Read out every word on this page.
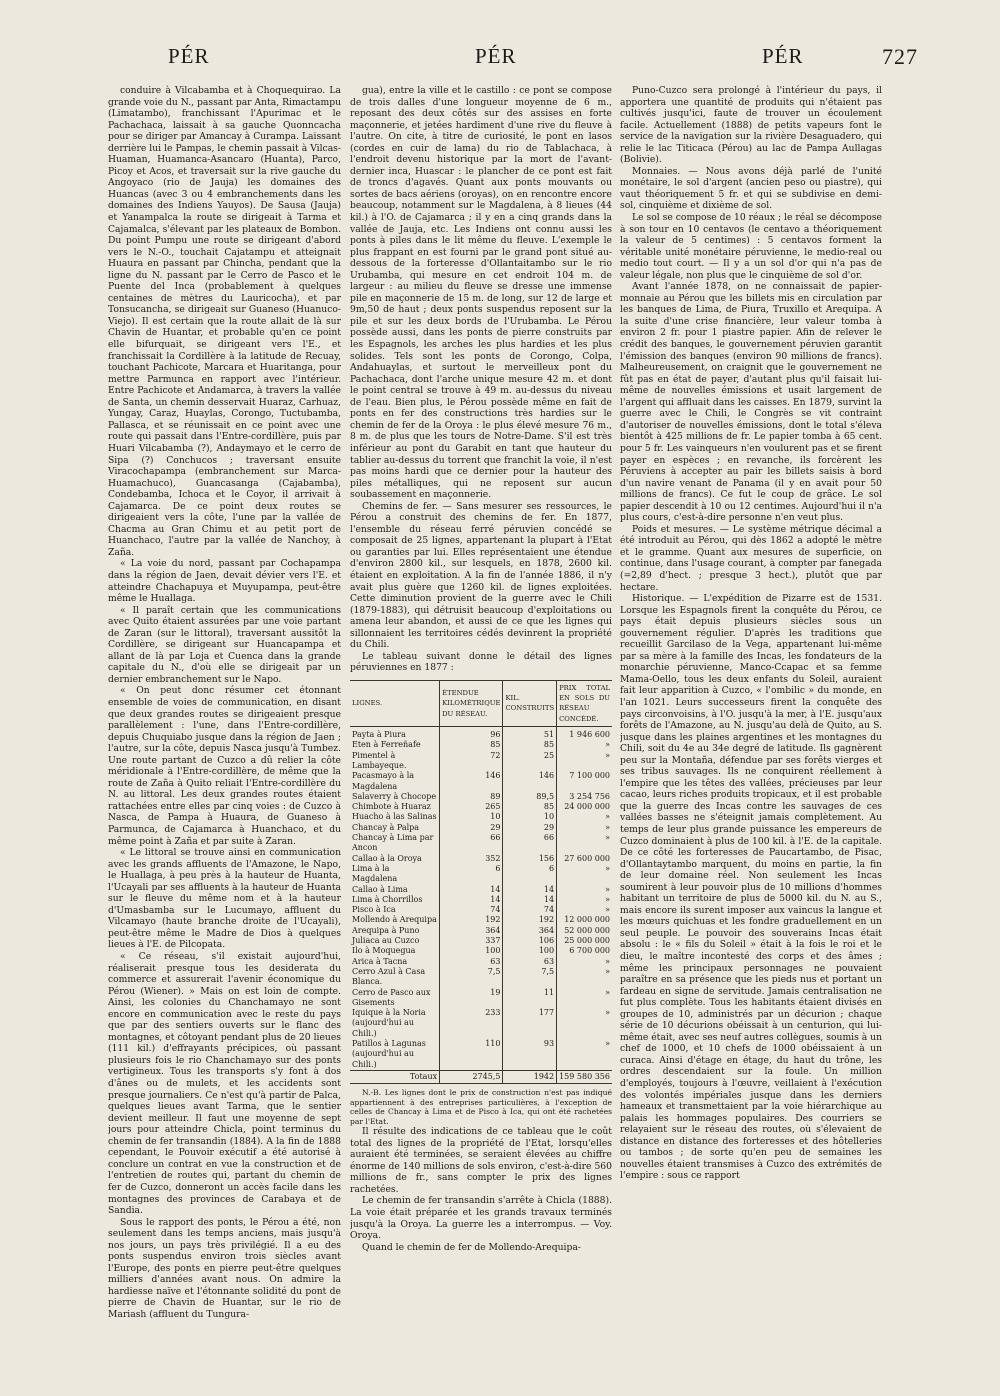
PÉR	PÉR	PÉR	727

conduire à Vilcabamba et à Choquequirao. La grande voie du N., passant par Anta, Rimactampu (Limatambo), franchissant l'Apurimac et le Pachachaca, laissait à sa gauche Quonncacha pour se diriger par Amancay à Curampa. Laissant derrière lui le Pampas, le chemin passait à Vilcas-Huaman, Huamanca-Asancaro (Huanta), Parco, Picoy et Acos, et traversait sur la rive gauche du Angoyaco (rio de Jauja) les domaines des Huancas (avec 3 ou 4 embranchements dans les domaines des Indiens Yauyos). De Sausa (Jauja) et Yanampalca la route se dirigeait à Tarma et Cajamalca, s'élevant par les plateaux de Bombon. Du point Pumpu une route se dirigeant d'abord vers le N.-O., touchait Cajatampu et atteignait Huaura en passant par Chincha, pendant que la ligne du N. passant par le Cerro de Pasco et le Puente del Inca (probablement à quelques centaines de mètres du Lauricocha), et par Tonsucancha, se dirigeait sur Guaneso (Huanuco-Viejo). Il est certain que la route allait de là sur Chavin de Huantar, et probable qu'en ce point elle bifurquait, se dirigeant vers l'E., et franchissait la Cordillère à la latitude de Recuay, touchant Pachicote, Marcara et Huaritanga, pour mettre Parmunca en rapport avec l'intérieur. Entre Pachicote et Andamarca, à travers la vallée de Santa, un chemin desservait Huaraz, Carhuaz, Yungay, Caraz, Huaylas, Corongo, Tuctubamba, Pallasca, et se réunissait en ce point avec une route qui passait dans l'Entre-cordillère, puis par Huari Vilcabamba (?), Andaymayo et le cerro de Sipa (?) Conchucos ; traversant ensuite Viracochapampa (embranchement sur Marca-Huamachuco), Guancasanga (Cajabamba), Condebamba, Ichoca et le Coyor, il arrivait à Cajamarca. De ce point deux routes se dirigeaient vers la côte, l'une par la vallée de Chacma au Gran Chimu et au petit port de Huanchaco, l'autre par la vallée de Nanchoy, à Zaña.

« La voie du nord, passant par Cochapampa dans la région de Jaen, devait dévier vers l'E. et atteindre Chachapuya et Muyupampa, peut-être même le Huallaga.

« Il paraît certain que les communications avec Quito étaient assurées par une voie partant de Zaran (sur le littoral), traversant aussitôt la Cordillère, se dirigeant sur Huancapampa et allant de là par Loja et Cuenca dans la grande capitale du N., d'où elle se dirigeait par un dernier embranchement sur le Napo.

« On peut donc résumer cet étonnant ensemble de voies de communication, en disant que deux grandes routes se dirigeaient presque parallèlement : l'une, dans l'Entre-cordillère, depuis Chuquiabo jusque dans la région de Jaen ; l'autre, sur la côte, depuis Nasca jusqu'à Tumbez. Une route partant de Cuzco a dû relier la côte méridionale à l'Entre-cordillère, de même que la route de Zaña à Quito reliait l'Entre-cordillère du N. au littoral. Les deux grandes routes étaient rattachées entre elles par cinq voies : de Cuzco à Nasca, de Pampa à Huaura, de Guaneso à Parmunca, de Cajamarca à Huanchaco, et du même point à Zaña et par suite à Zaran.

« Le littoral se trouve ainsi en communication avec les grands affluents de l'Amazone, le Napo, le Huallaga, à peu près à la hauteur de Huanta, l'Ucayali par ses affluents à la hauteur de Huanta sur le fleuve du même nom et à la hauteur d'Umasbamba sur le Lucumayo, affluent du Vilcamayo (haute branche droite de l'Ucayali), peut-être même le Madre de Dios à quelques lieues à l'E. de Pilcopata.

« Ce réseau, s'il existait aujourd'hui, réaliserait presque tous les desiderata du commerce et assurerait l'avenir économique du Pérou (Wiener). » Mais on est loin de compte. Ainsi, les colonies du Chanchamayo ne sont encore en communication avec le reste du pays que par des sentiers ouverts sur le flanc des montagnes, et côtoyant pendant plus de 20 lieues (111 kil.) d'effrayants précipices, où passant plusieurs fois le rio Chanchamayo sur des ponts vertigineux. Tous les transports s'y font à dos d'ânes ou de mulets, et les accidents sont presque journaliers. Ce n'est qu'à partir de Palca, quelques lieues avant Tarma, que le sentier devient meilleur. Il faut une moyenne de sept jours pour atteindre Chicla, point terminus du chemin de fer transandin (1884). A la fin de 1888 cependant, le Pouvoir exécutif a été autorisé à conclure un contrat en vue la construction et de l'entretien de routes qui, partant du chemin de fer de Cuzco, donneront un accès facile dans les montagnes des provinces de Carabaya et de Sandia.

Sous le rapport des ponts, le Pérou a été, non seulement dans les temps anciens, mais jusqu'à nos jours, un pays très privilégié. Il a eu des ponts suspendus environ trois siècles avant l'Europe, des ponts en pierre peut-être quelques milliers d'années avant nous. On admire la hardiesse naïve et l'étonnante solidité du pont de pierre de Chavin de Huantar, sur le rio de Mariash (affluent du Tungura-

gua), entre la ville et le castillo : ce pont se compose de trois dalles d'une longueur moyenne de 6 m., reposant des deux côtés sur des assises en forte maçonnerie, et jetées hardiment d'une rive du fleuve à l'autre. On cite, à titre de curiosité, le pont en lasos (cordes en cuir de lama) du rio de Tablachaca, à l'endroit devenu historique par la mort de l'avant-dernier inca, Huascar : le plancher de ce pont est fait de troncs d'agavés. Quant aux ponts mouvants ou sortes de bacs aériens (oroyas), on en rencontre encore beaucoup, notamment sur le Magdalena, à 8 lieues (44 kil.) à l'O. de Cajamarca ; il y en a cinq grands dans la vallée de Jauja, etc. Les Indiens ont connu aussi les ponts à piles dans le lit même du fleuve. L'exemple le plus frappant en est fourni par le grand pont situé au-dessous de la forteresse d'Ollantaitambo sur le rio Urubamba, qui mesure en cet endroit 104 m. de largeur : au milieu du fleuve se dresse une immense pile en maçonnerie de 15 m. de long, sur 12 de large et 9m,50 de haut ; deux ponts suspendus reposent sur la pile et sur les deux bords de l'Urubamba. Le Pérou possède aussi, dans les ponts de pierre construits par les Espagnols, les arches les plus hardies et les plus solides. Tels sont les ponts de Corongo, Colpa, Andahuaylas, et surtout le merveilleux pont du Pachachaca, dont l'arche unique mesure 42 m. et dont le point central se trouve à 49 m. au-dessus du niveau de l'eau. Bien plus, le Pérou possède même en fait de ponts en fer des constructions très hardies sur le chemin de fer de la Oroya : le plus élevé mesure 76 m., 8 m. de plus que les tours de Notre-Dame. S'il est très inférieur au pont du Garabit en tant que hauteur du tablier au-dessus du torrent que franchit la voie, il n'est pas moins hardi que ce dernier pour la hauteur des piles métalliques, qui ne reposent sur aucun soubassement en maçonnerie.

Chemins de fer. — Sans mesurer ses ressources, le Pérou a construit des chemins de fer. En 1877, l'ensemble du réseau ferré péruvien concédé se composait de 25 lignes, appartenant la plupart à l'Etat ou garanties par lui. Elles représentaient une étendue d'environ 2800 kil., sur lesquels, en 1878, 2600 kil. étaient en exploitation. A la fin de l'année 1886, il n'y avait plus guère que 1260 kil. de lignes exploitées. Cette diminution provient de la guerre avec le Chili (1879-1883), qui détruisit beaucoup d'exploitations ou amena leur abandon, et aussi de ce que les lignes qui sillonnaient les territoires cédés devinrent la propriété du Chili.

Le tableau suivant donne le détail des lignes péruviennes en 1877 :

LIGNES.	ÉTENDUE KILOMÉTRIQUE DU RÉSEAU.	KIL. CONSTRUITS	PRIX TOTAL EN SOLS DU RÉSEAU CONCÉDÉ.
Payta à Piura	96	51	1 946 600
Eten à Ferreñafe	85	85	»
Pimentel à Lambayeque.	72	25	»
Pacasmayo à la Magdalena	146	146	7 100 000
Salaverry à Chocope	89	89,5	3 254 756
Chimbote à Huaraz	265	85	24 000 000
Huacho à las Salinas	10	10	»
Chancay à Palpa	29	29	»
Chancay à Lima par Ancon	66	66	»
Callao à la Oroya	352	156	27 600 000
Lima à la Magdalena	6	6	»
Callao à Lima	14	14	»
Lima à Chorrillos	14	14	»
Pisco à Ica	74	74	»
Mollendo à Arequipa	192	192	12 000 000
Arequipa à Puno	364	364	52 000 000
Juliaca au Cuzco	337	106	25 000 000
Ilo à Moquegua	100	100	6 700 000
Arica à Tacna	63	63	»
Cerro Azul à Casa Blanca.	7,5	7,5	»
Cerro de Pasco aux Gisements	19	11	»
Iquique à la Noria (aujourd'hui au Chili.)	233	177	»
Patillos à Lagunas (aujourd'hui au Chili.)	110	93	»
Totaux	2745,5	1942	159 580 356

N.-B. Les lignes dont le prix de construction n'est pas indiqué appartiennent à des entreprises particulières, à l'exception de celles de Chancay à Lima et de Pisco à Ica, qui ont été rachetées par l'Etat.

Il résulte des indications de ce tableau que le coût total des lignes de la propriété de l'Etat, lorsqu'elles auraient été terminées, se seraient élevées au chiffre énorme de 140 millions de sols environ, c'est-à-dire 560 millions de fr., sans compter le prix des lignes rachetées.

Le chemin de fer transandin s'arrête à Chicla (1888). La voie était préparée et les grands travaux terminés jusqu'à la Oroya. La guerre les a interrompus. — Voy. Oroya.

Quand le chemin de fer de Mollendo-Arequipa-

Puno-Cuzco sera prolongé à l'intérieur du pays, il apportera une quantité de produits qui n'étaient pas cultivés jusqu'ici, faute de trouver un écoulement facile. Actuellement (1888) de petits vapeurs font le service de la navigation sur la rivière Desaguadero, qui relie le lac Titicaca (Pérou) au lac de Pampa Aullagas (Bolivie).

Monnaies. — Nous avons déjà parlé de l'unité monétaire, le sol d'argent (ancien peso ou piastre), qui vaut théoriquement 5 fr. et qui se subdivise en demi-sol, cinquième et dixième de sol.

Le sol se compose de 10 réaux ; le réal se décompose à son tour en 10 centavos (le centavo a théoriquement la valeur de 5 centimes) : 5 centavos forment la véritable unité monétaire péruvienne, le medio-real ou medio tout court. — Il y a un sol d'or qui n'a pas de valeur légale, non plus que le cinquième de sol d'or.

Avant l'année 1878, on ne connaissait de papier-monnaie au Pérou que les billets mis en circulation par les banques de Lima, de Piura, Truxillo et Arequipa. A la suite d'une crise financière, leur valeur tomba à environ 2 fr. pour 1 piastre papier. Afin de relever le crédit des banques, le gouvernement péruvien garantit l'émission des banques (environ 90 millions de francs). Malheureusement, on craignit que le gouvernement ne fût pas en état de payer, d'autant plus qu'il faisait lui-même de nouvelles émissions et usait largement de l'argent qui affluait dans les caisses. En 1879, survint la guerre avec le Chili, le Congrès se vit contraint d'autoriser de nouvelles émissions, dont le total s'éleva bientôt à 425 millions de fr. Le papier tomba à 65 cent. pour 5 fr. Les vainqueurs n'en voulurent pas et se firent payer en espèces ; en revanche, ils forcèrent les Péruviens à accepter au pair les billets saisis à bord d'un navire venant de Panama (il y en avait pour 50 millions de francs). Ce fut le coup de grâce. Le sol papier descendit à 10 ou 12 centimes. Aujourd'hui il n'a plus cours, c'est-à-dire personne n'en veut plus.

Poids et mesures. — Le système métrique décimal a été introduit au Pérou, qui dès 1862 a adopté le mètre et le gramme. Quant aux mesures de superficie, on continue, dans l'usage courant, à compter par fanegada (=2,89 d'hect. ; presque 3 hect.), plutôt que par hectare.

Historique. — L'expédition de Pizarre est de 1531. Lorsque les Espagnols firent la conquête du Pérou, ce pays était depuis plusieurs siècles sous un gouvernement régulier. D'après les traditions que recueillit Garcilaso de la Vega, appartenant lui-même par sa mère à la famille des Incas, les fondateurs de la monarchie péruvienne, Manco-Ccapac et sa femme Mama-Oello, tous les deux enfants du Soleil, auraient fait leur apparition à Cuzco, « l'ombilic » du monde, en l'an 1021. Leurs successeurs firent la conquête des pays circonvoisins, à l'O. jusqu'à la mer, à l'E. jusqu'aux forêts de l'Amazone, au N. jusqu'au delà de Quito, au S. jusque dans les plaines argentines et les montagnes du Chili, soit du 4e au 34e degré de latitude. Ils gagnèrent peu sur la Montaña, défendue par ses forêts vierges et ses tribus sauvages. Ils ne conquirent réellement à l'empire que les têtes des vallées, précieuses par leur cacao, leurs riches produits tropicaux, et il est probable que la guerre des Incas contre les sauvages de ces vallées basses ne s'éteignit jamais complètement. Au temps de leur plus grande puissance les empereurs de Cuzco dominaient à plus de 100 kil. à l'E. de la capitale. De ce côté les forteresses de Paucartambo, de Pisac, d'Ollantaytambo marquent, du moins en partie, la fin de leur domaine réel. Non seulement les Incas soumirent à leur pouvoir plus de 10 millions d'hommes habitant un territoire de plus de 5000 kil. du N. au S., mais encore ils surent imposer aux vaincus la langue et les mœurs quichuas et les fondre graduellement en un seul peuple. Le pouvoir des souverains Incas était absolu : le « fils du Soleil » était à la fois le roi et le dieu, le maître incontesté des corps et des âmes ; même les principaux personnages ne pouvaient paraître en sa présence que les pieds nus et portant un fardeau en signe de servitude. Jamais centralisation ne fut plus complète. Tous les habitants étaient divisés en groupes de 10, administrés par un décurion ; chaque série de 10 décurions obéissait à un centurion, qui lui-même était, avec ses neuf autres collègues, soumis à un chef de 1000, et 10 chefs de 1000 obéissaient à un curaca. Ainsi d'étage en étage, du haut du trône, les ordres descendaient sur la foule. Un million d'employés, toujours à l'œuvre, veillaient à l'exécution des volontés impériales jusque dans les derniers hameaux et transmettaient par la voie hiérarchique au palais les hommages populaires. Des courriers se relayaient sur le réseau des routes, où s'élevaient de distance en distance des forteresses et des hôtelleries ou tambos ; de sorte qu'en peu de semaines les nouvelles étaient transmises à Cuzco des extrémités de l'empire : sous ce rapport
